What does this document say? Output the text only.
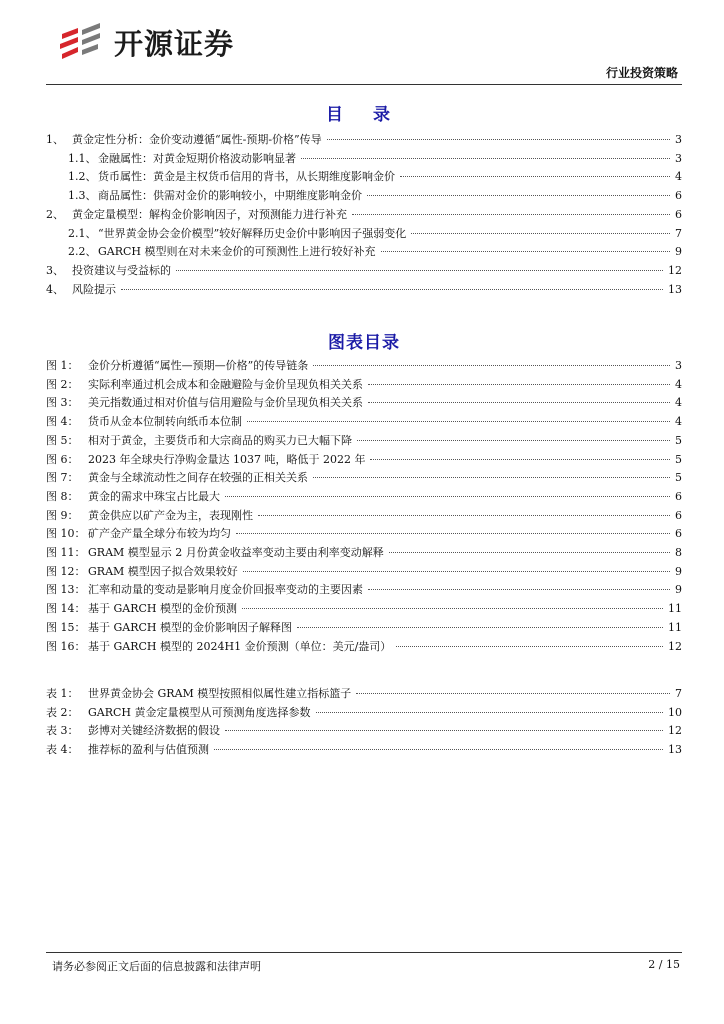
开源证券
行业投资策略
目 录
1、 黄金定性分析：金价变动遵循“属性-预期-价格”传导	3
1.1、 金融属性：对黄金短期价格波动影响显著	3
1.2、 货币属性：黄金是主权货币信用的背书，从长期维度影响金价	4
1.3、 商品属性：供需对金价的影响较小，中期维度影响金价	6
2、 黄金定量模型：解构金价影响因子，对预测能力进行补充	6
2.1、 “世界黄金协会金价模型”较好解释历史金价中影响因子强弱变化	7
2.2、 GARCH 模型则在对未来金价的可预测性上进行较好补充	9
3、 投资建议与受益标的	12
4、 风险提示	13
图表目录
图 1： 金价分析遵循“属性—预期—价格”的传导链条	3
图 2： 实际利率通过机会成本和金融避险与金价呈现负相关关系	4
图 3： 美元指数通过相对价值与信用避险与金价呈现负相关关系	4
图 4： 货币从金本位制转向纸币本位制	4
图 5： 相对于黄金，主要货币和大宗商品的购买力已大幅下降	5
图 6： 2023 年全球央行净购金量达 1037 吨，略低于 2022 年	5
图 7： 黄金与全球流动性之间存在较强的正相关关系	5
图 8： 黄金的需求中珠宝占比最大	6
图 9： 黄金供应以矿产金为主，表现刚性	6
图 10： 矿产金产量全球分布较为均匀	6
图 11： GRAM 模型显示 2 月份黄金收益率变动主要由利率变动解释	8
图 12： GRAM 模型因子拟合效果较好	9
图 13： 汇率和动量的变动是影响月度金价回报率变动的主要因素	9
图 14： 基于 GARCH 模型的金价预测	11
图 15： 基于 GARCH 模型的金价影响因子解释图	11
图 16： 基于 GARCH 模型的 2024H1 金价预测（单位：美元/盎司）	12
表 1： 世界黄金协会 GRAM 模型按照相似属性建立指标篮子	7
表 2： GARCH 黄金定量模型从可预测角度选择参数	10
表 3： 彭博对关键经济数据的假设	12
表 4： 推荐标的盈利与估值预测	13
请务必参阅正文后面的信息披露和法律声明	2 / 15
